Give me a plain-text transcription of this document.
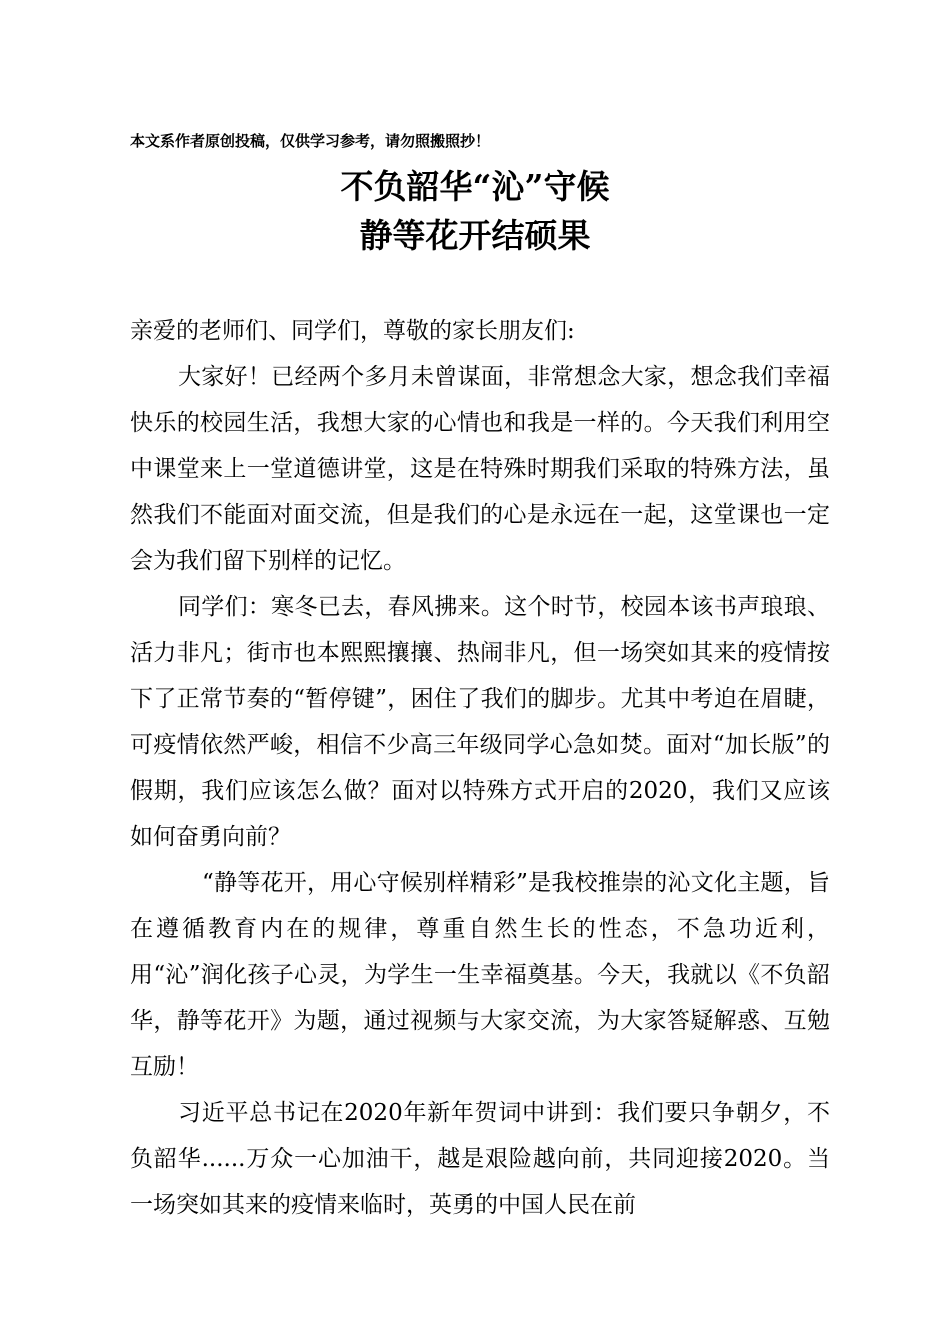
本文系作者原创投稿，仅供学习参考，请勿照搬照抄！
不负韶华“沁”守候
静等花开结硕果

亲爱的老师们、同学们，尊敬的家长朋友们:

大家好！已经两个多月未曾谋面，非常想念大家，想念我们幸福快乐的校园生活，我想大家的心情也和我是一样的。今天我们利用空中课堂来上一堂道德讲堂，这是在特殊时期我们采取的特殊方法，虽然我们不能面对面交流，但是我们的心是永远在一起，这堂课也一定会为我们留下别样的记忆。

同学们：寒冬已去，春风拂来。这个时节，校园本该书声琅琅、活力非凡；街市也本熙熙攘攘、热闹非凡，但一场突如其来的疫情按下了正常节奏的“暂停键”，困住了我们的脚步。尤其中考迫在眉睫，可疫情依然严峻，相信不少高三年级同学心急如焚。面对“加长版”的假期，我们应该怎么做？面对以特殊方式开启的2020，我们又应该如何奋勇向前？

“静等花开，用心守候别样精彩”是我校推崇的沁文化主题，旨在遵循教育内在的规律，尊重自然生长的性态，不急功近利，用“沁”润化孩子心灵，为学生一生幸福奠基。今天，我就以《不负韶华，静等花开》为题，通过视频与大家交流，为大家答疑解惑、互勉互励！

习近平总书记在2020年新年贺词中讲到：我们要只争朝夕，不负韶华......万众一心加油干，越是艰险越向前，共同迎接2020。当一场突如其来的疫情来临时，英勇的中国人民在前
